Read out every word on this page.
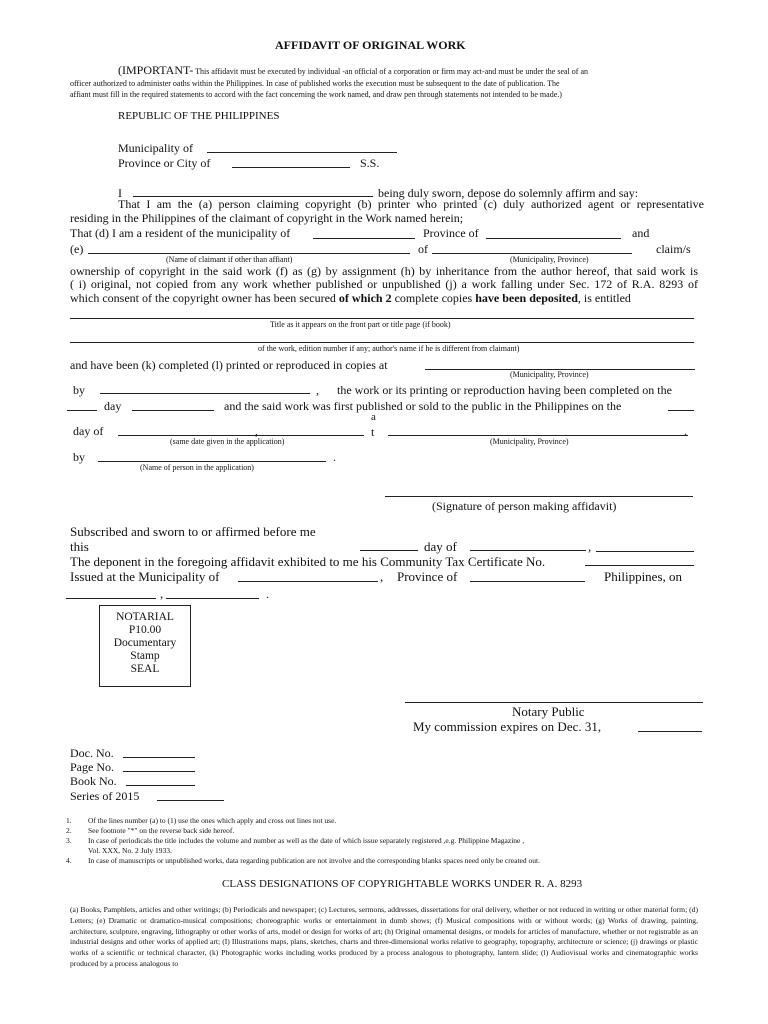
AFFIDAVIT OF ORIGINAL WORK
(IMPORTANT- This affidavit must be executed by individual -an official of a corporation or firm may act-and must be under the seal of an
officer authorized to administer oaths within the Philippines. In case of published works the execution must be subsequent to the date of publication. The
affiant must fill in the required statements to accord with the fact concerning the work named, and draw pen through statements not intended to be made.)
REPUBLIC OF THE PHILIPPINES
Municipality of
Province or City of	S.S.
I	being duly sworn, depose do solemnly affirm and say:
That I am the (a) person claiming copyright (b) printer who printed (c) duly authorized agent or representative
residing in the Philippines of the claimant of copyright in the Work named herein;
That (d) I am a resident of the municipality of	Province of	and
(e)	of	claim/s
(Name of claimant if other than affiant)	(Municipality, Province)
ownership of copyright in the said work (f) as (g) by assignment (h) by inheritance from the author hereof, that said work is
( i) original, not copied from any work whether published or unpublished (j) a work falling under Sec. 172 of R.A. 8293 of
which consent of the copyright owner has been secured of which 2 complete copies have been deposited, is entitled
Title as it appears on the front part or title page (if book)
of the work, edition number if any; author's name if he is different from claimant)
and have been (k) completed (l) printed or reproduced in copies at
(Municipality, Province)
by	, the work or its printing or reproduction having been completed on the
day	and the said work was first published or sold to the public in the Philippines on the
a
day of	,	t	.
(same date given in the application)	(Municipality, Province)
by	.
(Name of person in the application)
(Signature of person making affidavit)
Subscribed and sworn to or affirmed before me
this	day of	,
The deponent in the foregoing affidavit exhibited to me his Community Tax Certificate No.
Issued at the Municipality of	, Province of	Philippines, on
,	.
NOTARIAL
P10.00
Documentary
Stamp
SEAL
Notary Public
My commission expires on Dec. 31,
Doc. No.
Page No.
Book No.
Series of 2015
1. Of the lines number (a) to (1) use the ones which apply and cross out lines not use.
2. See footnote "*" on the reverse back side hereof.
3. In case of periodicals the title includes the volume and number as well as the date of which issue separately registered ,e.g. Philippine Magazine ,
Vol. XXX, No. 2 July 1933.
4. In case of manuscripts or unpublished works, data regarding publication are not involve and the corresponding blanks spaces need only be created out.
CLASS DESIGNATIONS OF COPYRIGHTABLE WORKS UNDER R. A. 8293
(a) Books, Pamphlets, articles and other writings; (b) Periodicals and newspaper; (c) Lectures, sermons, addresses, dissertations for oral delivery, whether or not reduced in writing or other material form; (d) Letters; (e) Dramatic or dramatico-musical compositions; choreographic works or entertainment in dumb shows; (f) Musical compositions with or without words; (g) Works of drawing, painting, architecture, sculpture, engraving, lithography or other works of arts, model or design for works of art; (h) Original ornamental designs, or models for articles of manufacture, whether or not registrable as an industrial designs and other works of applied art; (I) Illustrations maps, plans, sketches, charts and three-dimensional works relative to geography, topography, architecture or science; (j) drawings or plastic works of a scientific or technical character, (k) Photographic works including works produced by a process analogous to photography, lantern slide; (l) Audiovisual works and cinematographic works produced by a process analogous to
